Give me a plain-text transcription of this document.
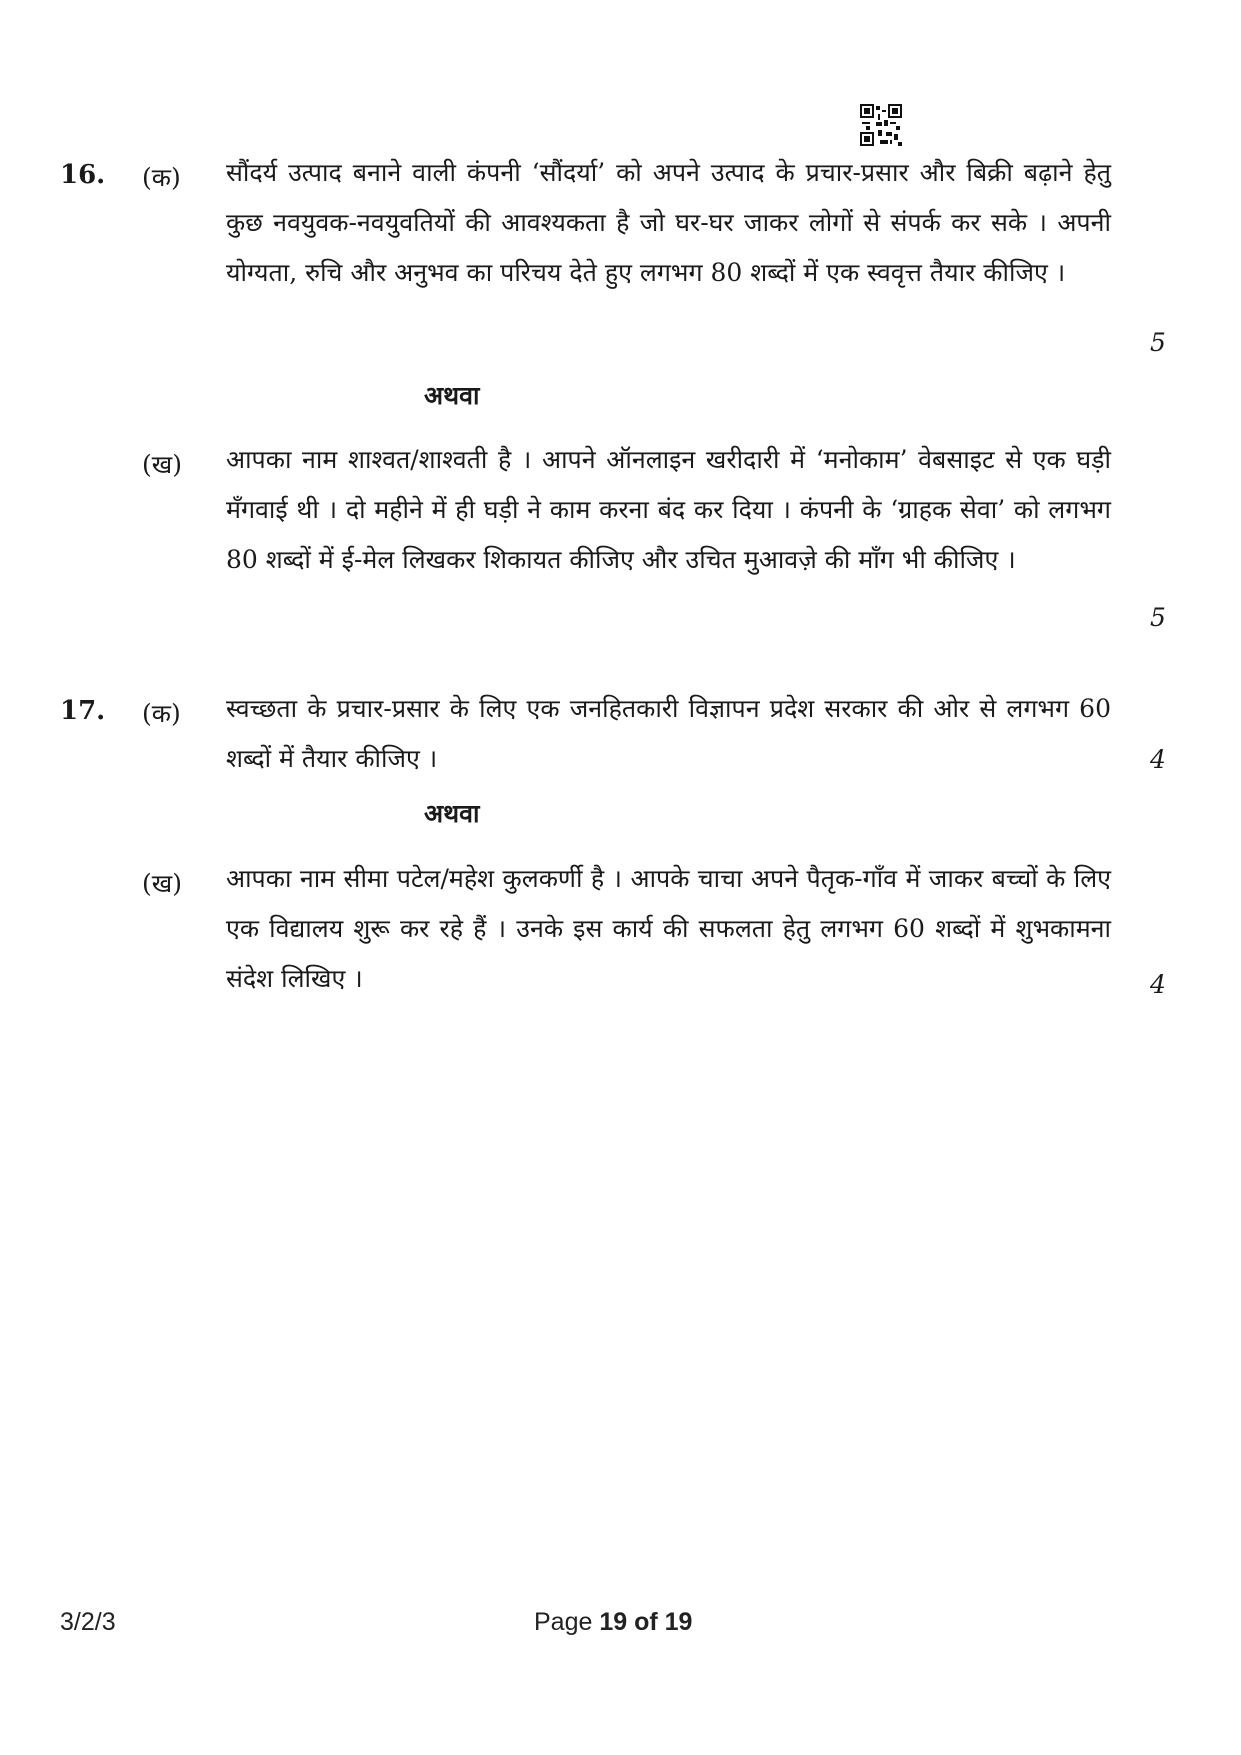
16. (क) सौंदर्य उत्पाद बनाने वाली कंपनी ‘सौंदर्या’ को अपने उत्पाद के प्रचार-प्रसार और बिक्री बढ़ाने हेतु कुछ नवयुवक-नवयुवतियों की आवश्यकता है जो घर-घर जाकर लोगों से संपर्क कर सके । अपनी योग्यता, रुचि और अनुभव का परिचय देते हुए लगभग 80 शब्दों में एक स्ववृत्त तैयार कीजिए ।
5
अथवा
(ख) आपका नाम शाश्वत/शाश्वती है । आपने ऑनलाइन खरीदारी में ‘मनोकाम’ वेबसाइट से एक घड़ी मँगवाई थी । दो महीने में ही घड़ी ने काम करना बंद कर दिया । कंपनी के ‘ग्राहक सेवा’ को लगभग 80 शब्दों में ई-मेल लिखकर शिकायत कीजिए और उचित मुआवज़े की माँग भी कीजिए ।
5
17. (क) स्वच्छता के प्रचार-प्रसार के लिए एक जनहितकारी विज्ञापन प्रदेश सरकार की ओर से लगभग 60 शब्दों में तैयार कीजिए ।	4
अथवा
(ख) आपका नाम सीमा पटेल/महेश कुलकर्णी है । आपके चाचा अपने पैतृक-गाँव में जाकर बच्चों के लिए एक विद्यालय शुरू कर रहे हैं । उनके इस कार्य की सफलता हेतु लगभग 60 शब्दों में शुभकामना संदेश लिखिए ।	4
3/2/3	Page 19 of 19
